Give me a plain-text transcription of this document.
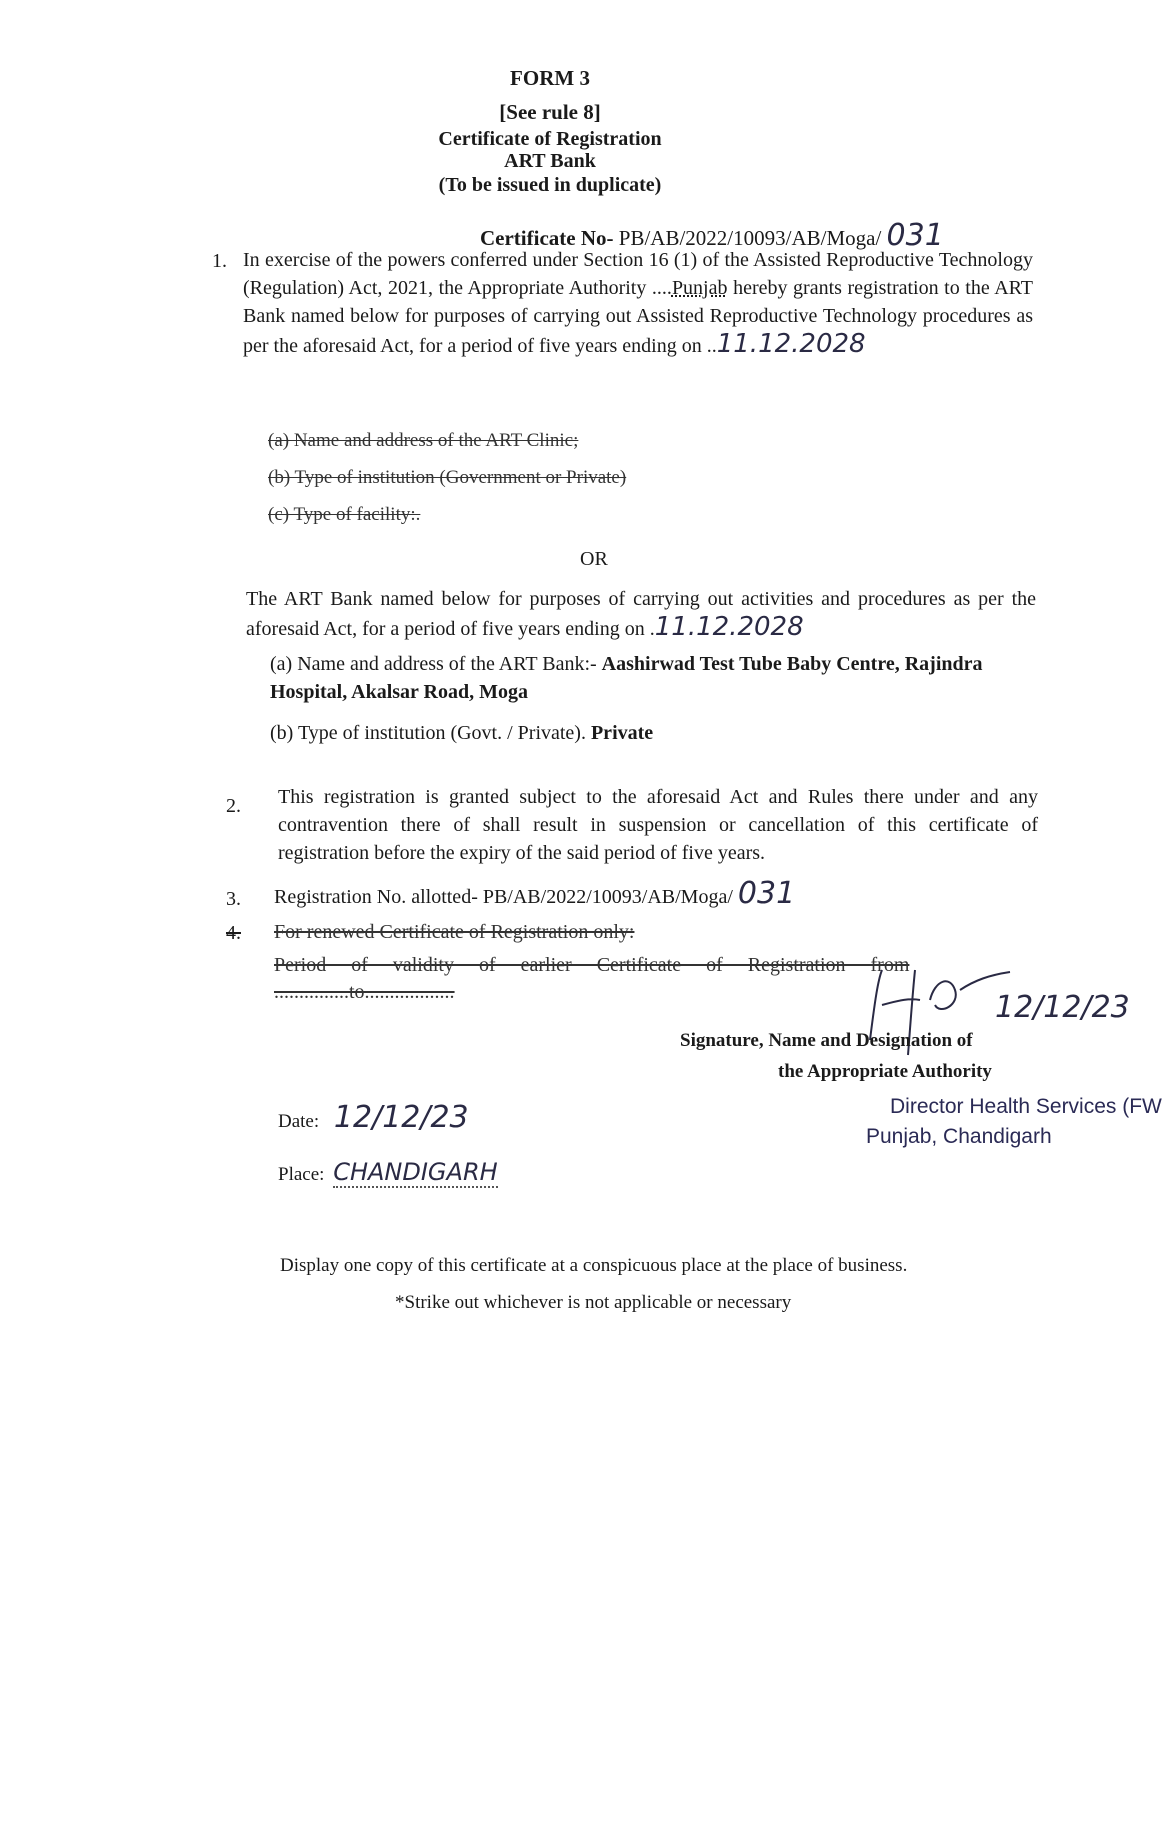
FORM 3
[See rule 8]
Certificate of Registration
ART Bank
(To be issued in duplicate)
Certificate No- PB/AB/2022/10093/AB/Moga/ 031
1. In exercise of the powers conferred under Section 16 (1) of the Assisted Reproductive Technology (Regulation) Act, 2021, the Appropriate Authority ....Punjab hereby grants registration to the ART Bank named below for purposes of carrying out Assisted Reproductive Technology procedures as per the aforesaid Act, for a period of five years ending on ..11.12.2028
(a) Name and address of the ART Clinic;
(b) Type of institution (Government or Private)
(c) Type of facility:.
OR
The ART Bank named below for purposes of carrying out activities and procedures as per the aforesaid Act, for a period of five years ending on .11.12.2028
(a) Name and address of the ART Bank:- Aashirwad Test Tube Baby Centre, Rajindra Hospital, Akalsar Road, Moga
(b) Type of institution (Govt. / Private). Private
2. This registration is granted subject to the aforesaid Act and Rules there under and any contravention there of shall result in suspension or cancellation of this certificate of registration before the expiry of the said period of five years.
3. Registration No. allotted- PB/AB/2022/10093/AB/Moga/ 031
4. For renewed Certificate of Registration only:
Period     of     validity     of     earlier     Certificate     of     Registration     from
...............to..................	12/12/23
Signature, Name and Designation of
the Appropriate Authority
Director Health Services (FW
Punjab, Chandigarh
Date: 12/12/23
Place: CHANDIGARH
Display one copy of this certificate at a conspicuous place at the place of business.
*Strike out whichever is not applicable or necessary
